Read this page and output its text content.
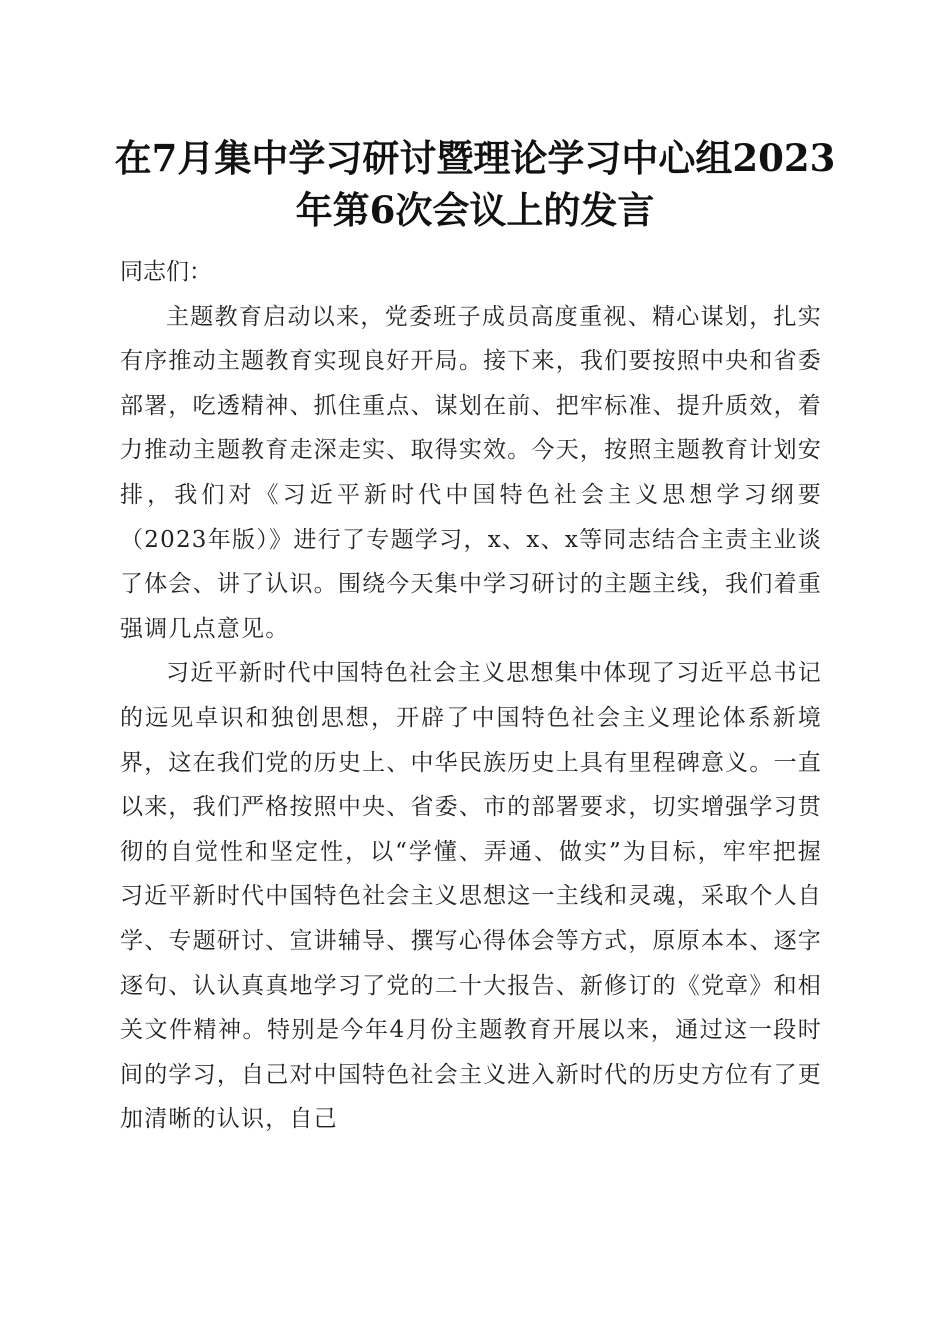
在7月集中学习研讨暨理论学习中心组2023
年第6次会议上的发言

同志们：

主题教育启动以来，党委班子成员高度重视、精心谋划，扎实有序推动主题教育实现良好开局。接下来，我们要按照中央和省委部署，吃透精神、抓住重点、谋划在前、把牢标准、提升质效，着力推动主题教育走深走实、取得实效。今天，按照主题教育计划安排，我们对《习近平新时代中国特色社会主义思想学习纲要（2023年版）》进行了专题学习，x、x、x等同志结合主责主业谈了体会、讲了认识。围绕今天集中学习研讨的主题主线，我们着重强调几点意见。

习近平新时代中国特色社会主义思想集中体现了习近平总书记的远见卓识和独创思想，开辟了中国特色社会主义理论体系新境界，这在我们党的历史上、中华民族历史上具有里程碑意义。一直以来，我们严格按照中央、省委、市的部署要求，切实增强学习贯彻的自觉性和坚定性，以“学懂、弄通、做实”为目标，牢牢把握习近平新时代中国特色社会主义思想这一主线和灵魂，采取个人自学、专题研讨、宣讲辅导、撰写心得体会等方式，原原本本、逐字逐句、认认真真地学习了党的二十大报告、新修订的《党章》和相关文件精神。特别是今年4月份主题教育开展以来，通过这一段时间的学习，自己对中国特色社会主义进入新时代的历史方位有了更加清晰的认识，自己
